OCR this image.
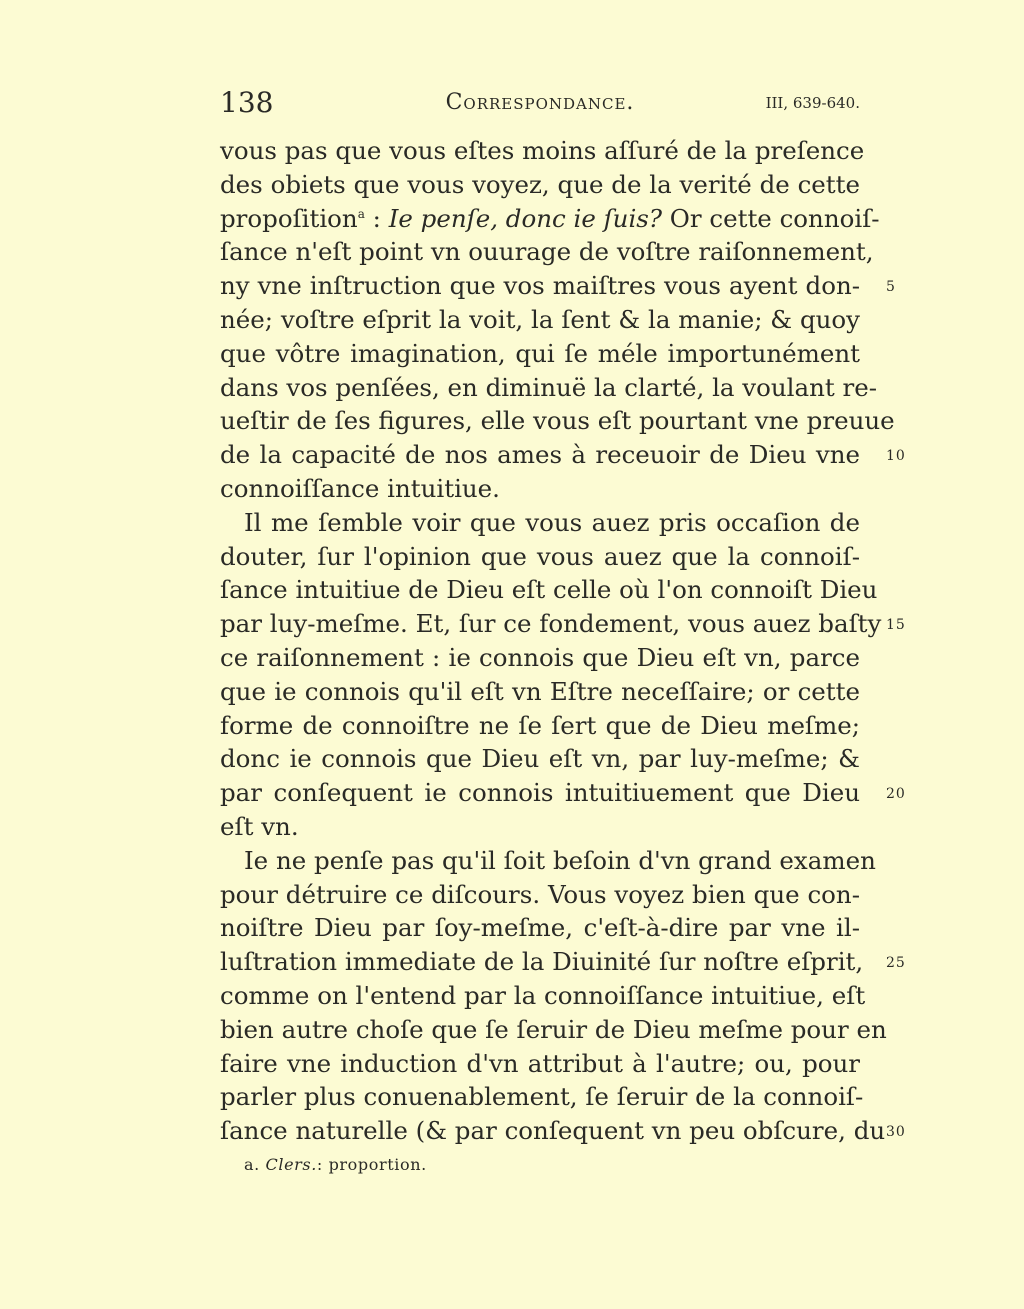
138	Correspondance.	III, 639-640.
vous pas que vous eſtes moins aſſuré de la preſence
des obiets que vous voyez, que de la verité de cette
propoſition$^a$ : Ie penſe, donc ie ſuis? Or cette connoiſ-
ſance n'eſt point vn ouurage de voſtre raiſonnement,
ny vne inſtruction que vos maiſtres vous ayent don- 5
née; voſtre eſprit la voit, la ſent & la manie; & quoy
que vôtre imagination, qui ſe méle importunément
dans vos penſées, en diminuë la clarté, la voulant re-
ueſtir de ſes figures, elle vous eſt pourtant vne preuue
de la capacité de nos ames à receuoir de Dieu vne 10
connoiſſance intuitiue.
Il me ſemble voir que vous auez pris occaſion de
douter, ſur l'opinion que vous auez que la connoiſ-
ſance intuitiue de Dieu eſt celle où l'on connoiſt Dieu
par luy-meſme. Et, ſur ce fondement, vous auez baſty 15
ce raiſonnement : ie connois que Dieu eſt vn, parce
que ie connois qu'il eſt vn Eſtre neceſſaire; or cette
forme de connoiſtre ne ſe ſert que de Dieu meſme;
donc ie connois que Dieu eſt vn, par luy-meſme; &
par conſequent ie connois intuitiuement que Dieu 20
eſt vn.
Ie ne penſe pas qu'il ſoit beſoin d'vn grand examen
pour détruire ce diſcours. Vous voyez bien que con-
noiſtre Dieu par ſoy-meſme, c'eſt-à-dire par vne il-
luſtration immediate de la Diuinité ſur noſtre eſprit, 25
comme on l'entend par la connoiſſance intuitiue, eſt
bien autre choſe que ſe ſeruir de Dieu meſme pour en
faire vne induction d'vn attribut à l'autre; ou, pour
parler plus conuenablement, ſe ſeruir de la connoiſ-
ſance naturelle (& par conſequent vn peu obſcure, du 30
a. Clers.: proportion.
